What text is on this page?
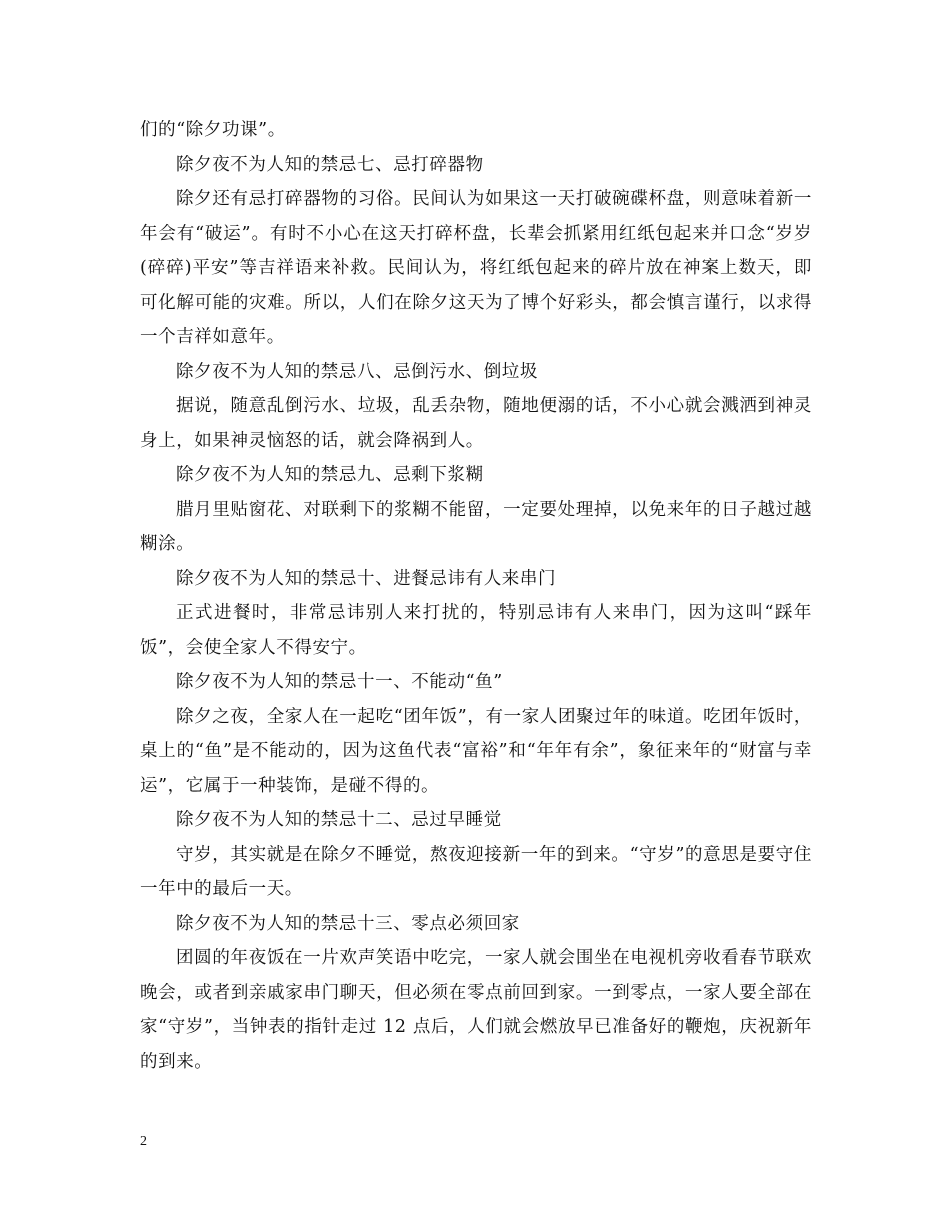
们的“除夕功课”。

除夕夜不为人知的禁忌七、忌打碎器物

除夕还有忌打碎器物的习俗。民间认为如果这一天打破碗碟杯盘，则意味着新一年会有“破运”。有时不小心在这天打碎杯盘，长辈会抓紧用红纸包起来并口念“岁岁(碎碎)平安”等吉祥语来补救。民间认为，将红纸包起来的碎片放在神案上数天，即可化解可能的灾难。所以，人们在除夕这天为了博个好彩头，都会慎言谨行，以求得一个吉祥如意年。

除夕夜不为人知的禁忌八、忌倒污水、倒垃圾

据说，随意乱倒污水、垃圾，乱丢杂物，随地便溺的话，不小心就会溅洒到神灵身上，如果神灵恼怒的话，就会降祸到人。

除夕夜不为人知的禁忌九、忌剩下浆糊

腊月里贴窗花、对联剩下的浆糊不能留，一定要处理掉，以免来年的日子越过越糊涂。

除夕夜不为人知的禁忌十、进餐忌讳有人来串门

正式进餐时，非常忌讳别人来打扰的，特别忌讳有人来串门，因为这叫“踩年饭”，会使全家人不得安宁。

除夕夜不为人知的禁忌十一、不能动“鱼”

除夕之夜，全家人在一起吃“团年饭”，有一家人团聚过年的味道。吃团年饭时，桌上的“鱼”是不能动的，因为这鱼代表“富裕”和“年年有余”，象征来年的“财富与幸运”，它属于一种装饰，是碰不得的。

除夕夜不为人知的禁忌十二、忌过早睡觉

守岁，其实就是在除夕不睡觉，熬夜迎接新一年的到来。“守岁”的意思是要守住一年中的最后一天。

除夕夜不为人知的禁忌十三、零点必须回家

团圆的年夜饭在一片欢声笑语中吃完，一家人就会围坐在电视机旁收看春节联欢晚会，或者到亲戚家串门聊天，但必须在零点前回到家。一到零点，一家人要全部在家“守岁”，当钟表的指针走过 12 点后，人们就会燃放早已准备好的鞭炮，庆祝新年的到来。

2
